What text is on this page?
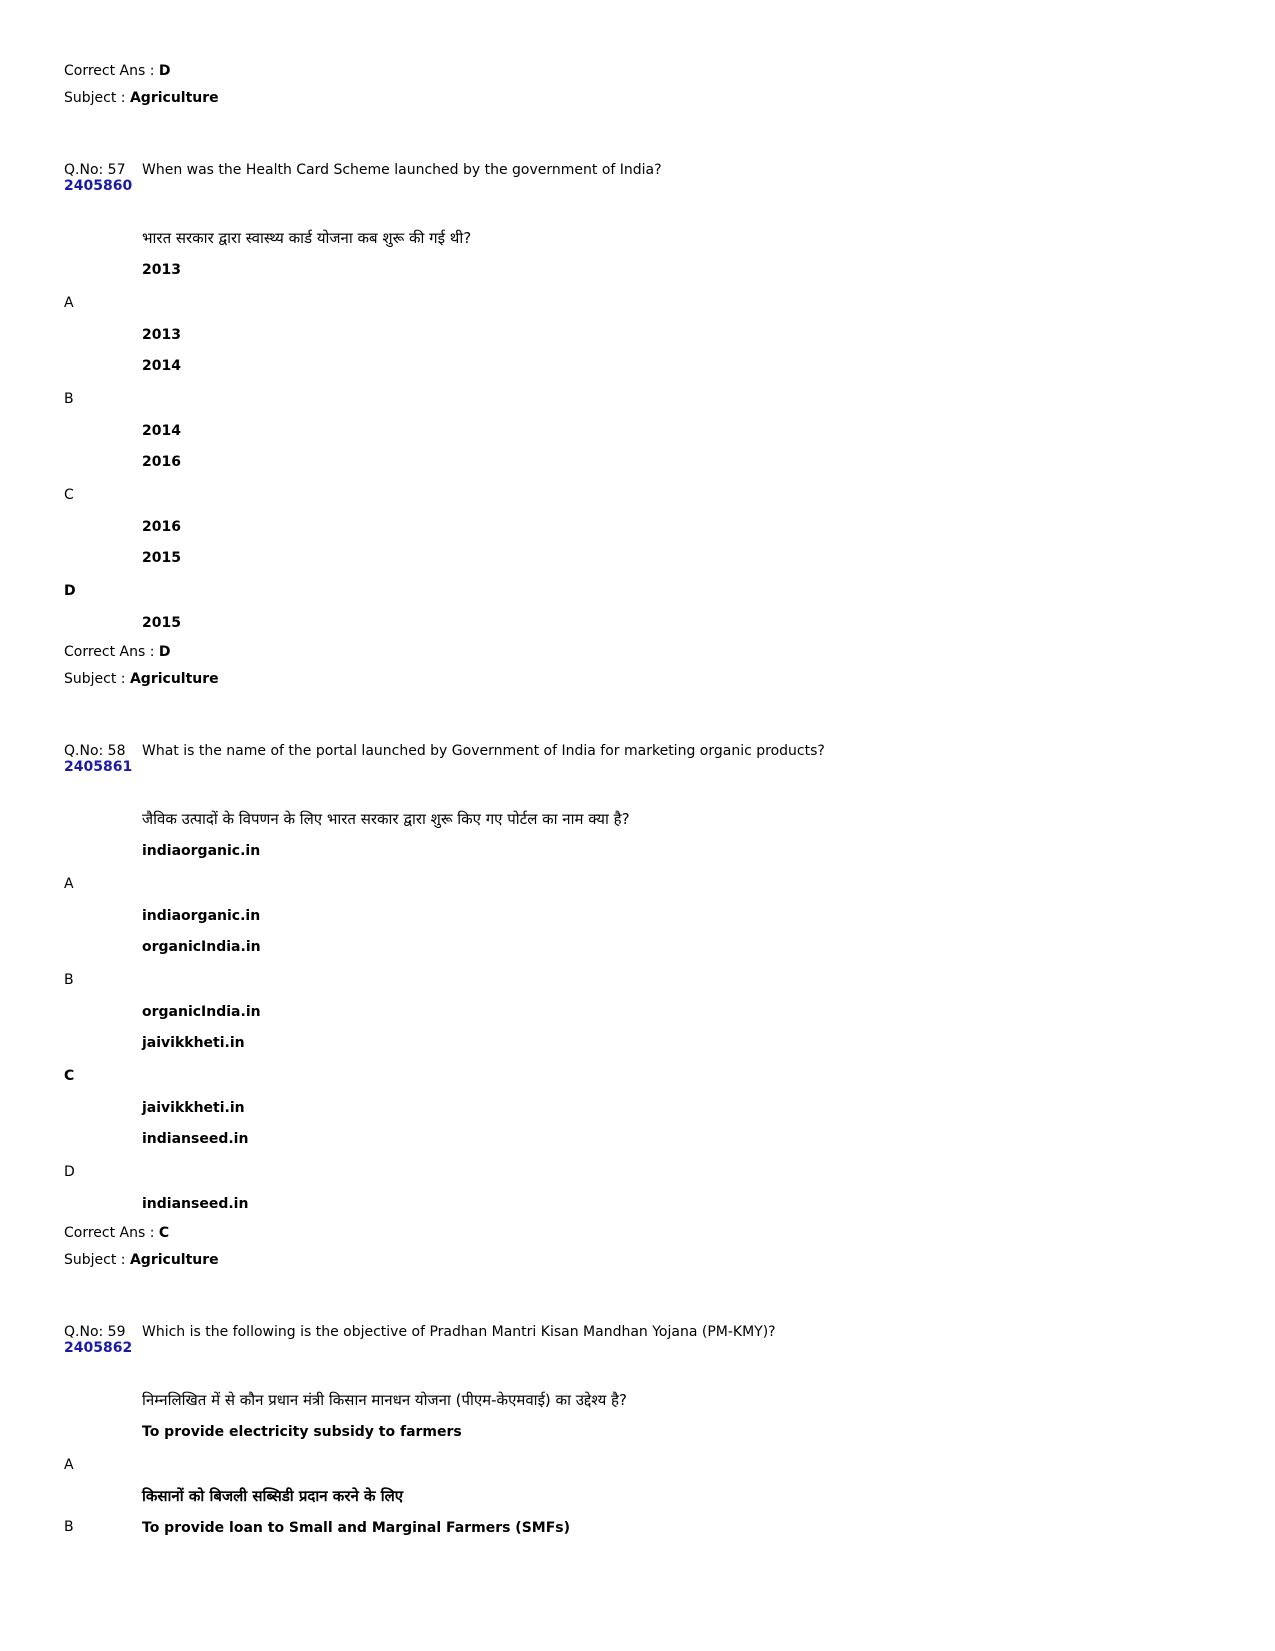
Correct Ans : D
Subject : Agriculture
Q.No: 57
2405860
When was the Health Card Scheme launched by the government of India?
भारत सरकार द्वारा स्वास्थ्य कार्ड योजना कब शुरू की गई थी?
2013
A
2013
2014
B
2014
2016
C
2016
2015
D
2015
Correct Ans : D
Subject : Agriculture
Q.No: 58
2405861
What is the name of the portal launched by Government of India for marketing organic products?
जैविक उत्पादों के विपणन के लिए भारत सरकार द्वारा शुरू किए गए पोर्टल का नाम क्या है?
indiaorganic.in
A
indiaorganic.in
organicIndia.in
B
organicIndia.in
jaivikkheti.in
C
jaivikkheti.in
indianseed.in
D
indianseed.in
Correct Ans : C
Subject : Agriculture
Q.No: 59
2405862
Which is the following is the objective of Pradhan Mantri Kisan Mandhan Yojana (PM-KMY)?
निम्नलिखित में से कौन प्रधान मंत्री किसान मानधन योजना (पीएम-केएमवाई) का उद्देश्य है?
To provide electricity subsidy to farmers
A
किसानों को बिजली सब्सिडी प्रदान करने के लिए
B	To provide loan to Small and Marginal Farmers (SMFs)
